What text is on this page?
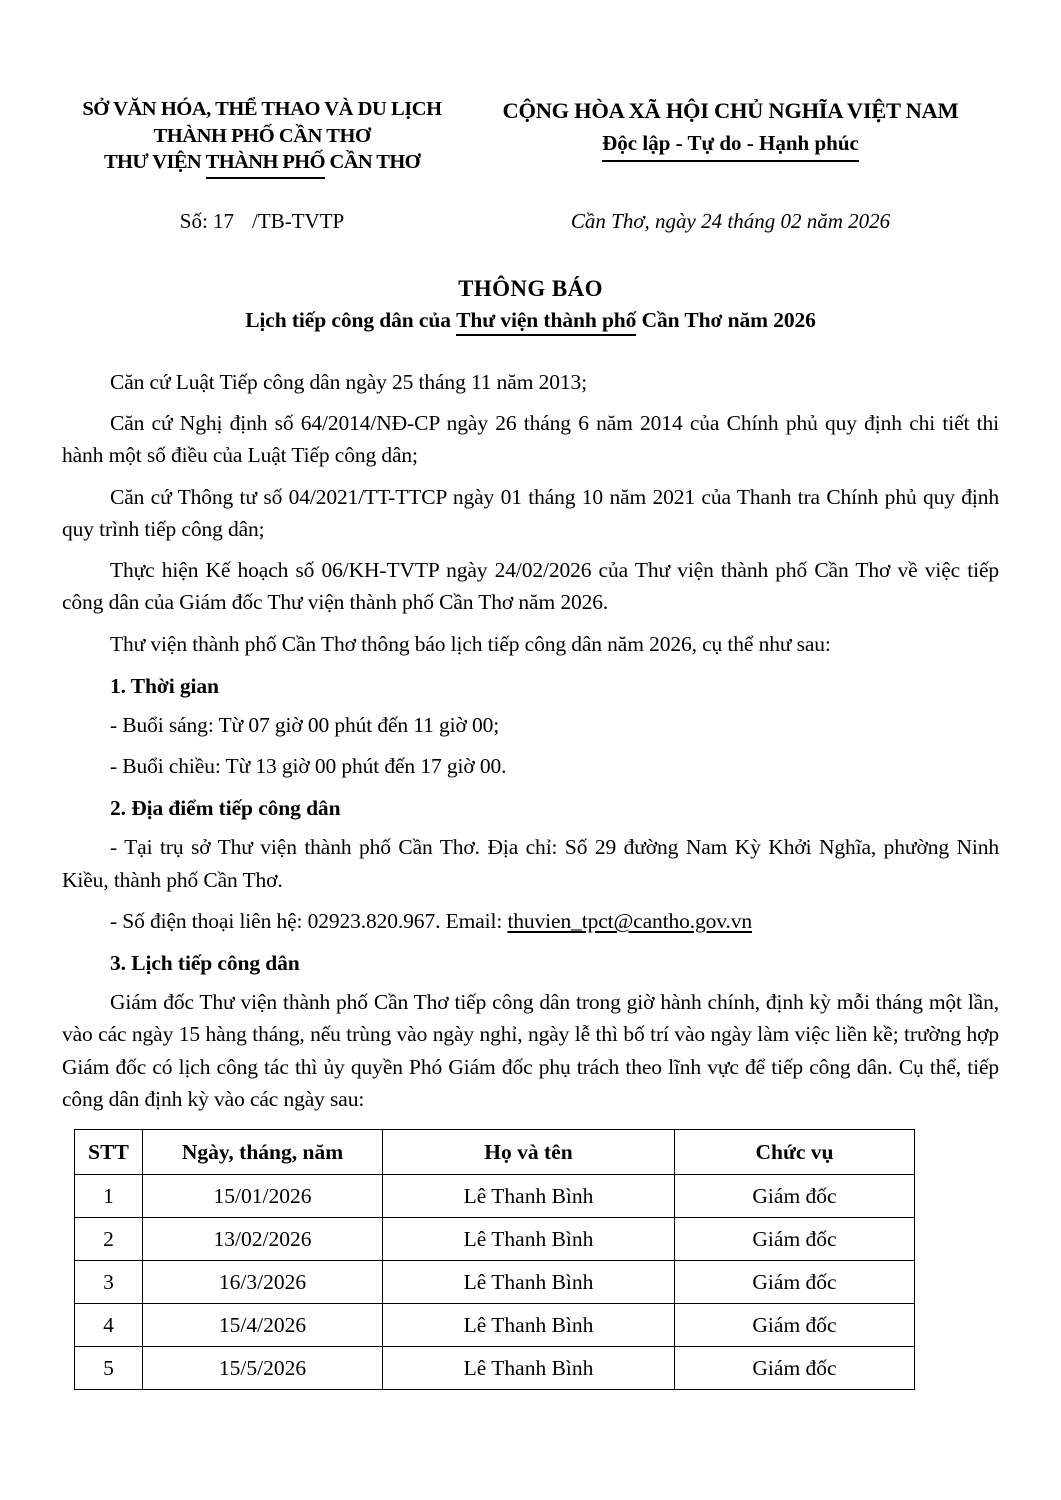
SỞ VĂN HÓA, THỂ THAO VÀ DU LỊCH
THÀNH PHỐ CẦN THƠ
THƯ VIỆN THÀNH PHỐ CẦN THƠ
CỘNG HÒA XÃ HỘI CHỦ NGHĨA VIỆT NAM
Độc lập - Tự do - Hạnh phúc
Số: 17 /TB-TVTP	Cần Thơ, ngày 24 tháng 02 năm 2026
THÔNG BÁO
Lịch tiếp công dân của Thư viện thành phố Cần Thơ năm 2026

Căn cứ Luật Tiếp công dân ngày 25 tháng 11 năm 2013;

Căn cứ Nghị định số 64/2014/NĐ-CP ngày 26 tháng 6 năm 2014 của Chính phủ quy định chi tiết thi hành một số điều của Luật Tiếp công dân;

Căn cứ Thông tư số 04/2021/TT-TTCP ngày 01 tháng 10 năm 2021 của Thanh tra Chính phủ quy định quy trình tiếp công dân;

Thực hiện Kế hoạch số 06/KH-TVTP ngày 24/02/2026 của Thư viện thành phố Cần Thơ về việc tiếp công dân của Giám đốc Thư viện thành phố Cần Thơ năm 2026.

Thư viện thành phố Cần Thơ thông báo lịch tiếp công dân năm 2026, cụ thể như sau:

1. Thời gian

- Buổi sáng: Từ 07 giờ 00 phút đến 11 giờ 00;

- Buổi chiều: Từ 13 giờ 00 phút đến 17 giờ 00.

2. Địa điểm tiếp công dân

- Tại trụ sở Thư viện thành phố Cần Thơ. Địa chỉ: Số 29 đường Nam Kỳ Khởi Nghĩa, phường Ninh Kiều, thành phố Cần Thơ.

- Số điện thoại liên hệ: 02923.820.967. Email: thuvien_tpct@cantho.gov.vn

3. Lịch tiếp công dân

Giám đốc Thư viện thành phố Cần Thơ tiếp công dân trong giờ hành chính, định kỳ mỗi tháng một lần, vào các ngày 15 hàng tháng, nếu trùng vào ngày nghỉ, ngày lễ thì bố trí vào ngày làm việc liền kề; trường hợp Giám đốc có lịch công tác thì ủy quyền Phó Giám đốc phụ trách theo lĩnh vực để tiếp công dân. Cụ thể, tiếp công dân định kỳ vào các ngày sau:

STT	Ngày, tháng, năm	Họ và tên	Chức vụ
1	15/01/2026	Lê Thanh Bình	Giám đốc
2	13/02/2026	Lê Thanh Bình	Giám đốc
3	16/3/2026	Lê Thanh Bình	Giám đốc
4	15/4/2026	Lê Thanh Bình	Giám đốc
5	15/5/2026	Lê Thanh Bình	Giám đốc
